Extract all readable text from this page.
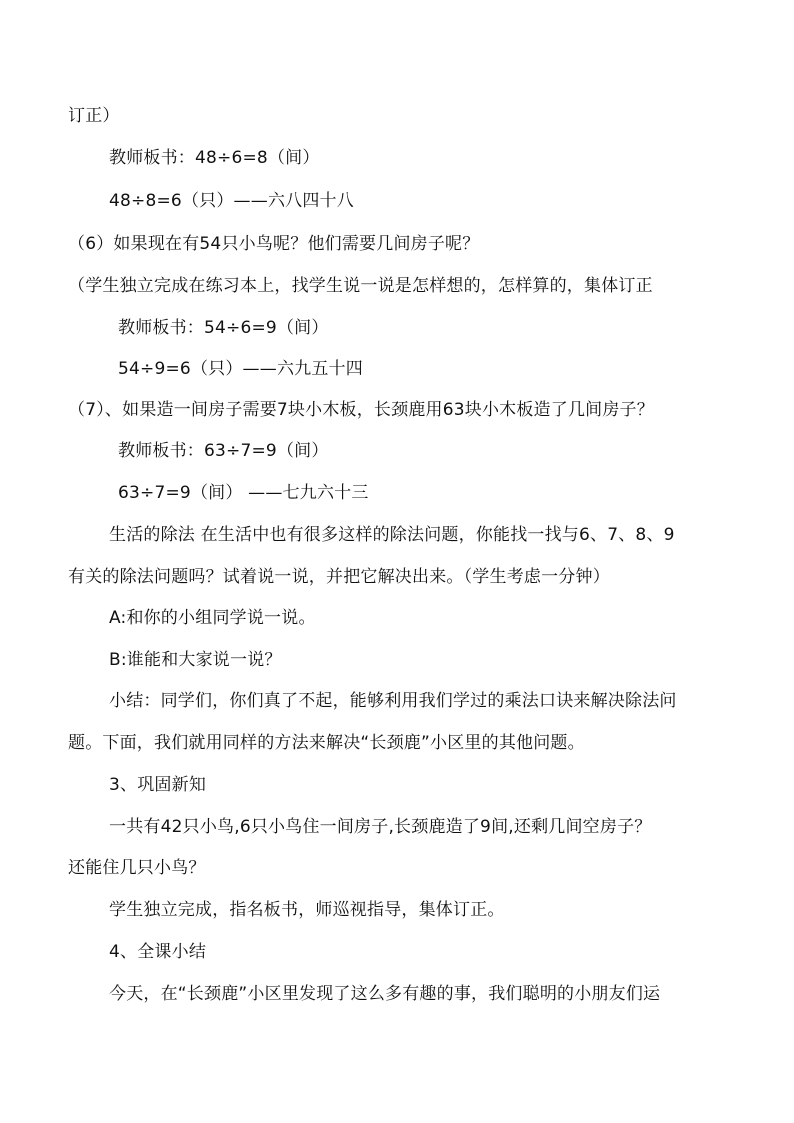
订正）
教师板书：48÷6=8（间）
48÷8=6（只）——六八四十八
（6）如果现在有54只小鸟呢？他们需要几间房子呢？
（学生独立完成在练习本上，找学生说一说是怎样想的，怎样算的，集体订正
教师板书：54÷6=9（间）
54÷9=6（只）——六九五十四
（7）、如果造一间房子需要7块小木板，长颈鹿用63块小木板造了几间房子？
教师板书：63÷7=9（间）
63÷7=9（间） ——七九六十三
生活的除法 在生活中也有很多这样的除法问题，你能找一找与6、7、8、9
有关的除法问题吗？试着说一说，并把它解决出来。（学生考虑一分钟）
A:和你的小组同学说一说。
B:谁能和大家说一说？
小结：同学们，你们真了不起，能够利用我们学过的乘法口诀来解决除法问
题。下面，我们就用同样的方法来解决“长颈鹿”小区里的其他问题。
3、巩固新知
一共有42只小鸟,6只小鸟住一间房子,长颈鹿造了9间,还剩几间空房子？
还能住几只小鸟？
学生独立完成，指名板书，师巡视指导，集体订正。
4、全课小结
今天，在“长颈鹿”小区里发现了这么多有趣的事，我们聪明的小朋友们运
